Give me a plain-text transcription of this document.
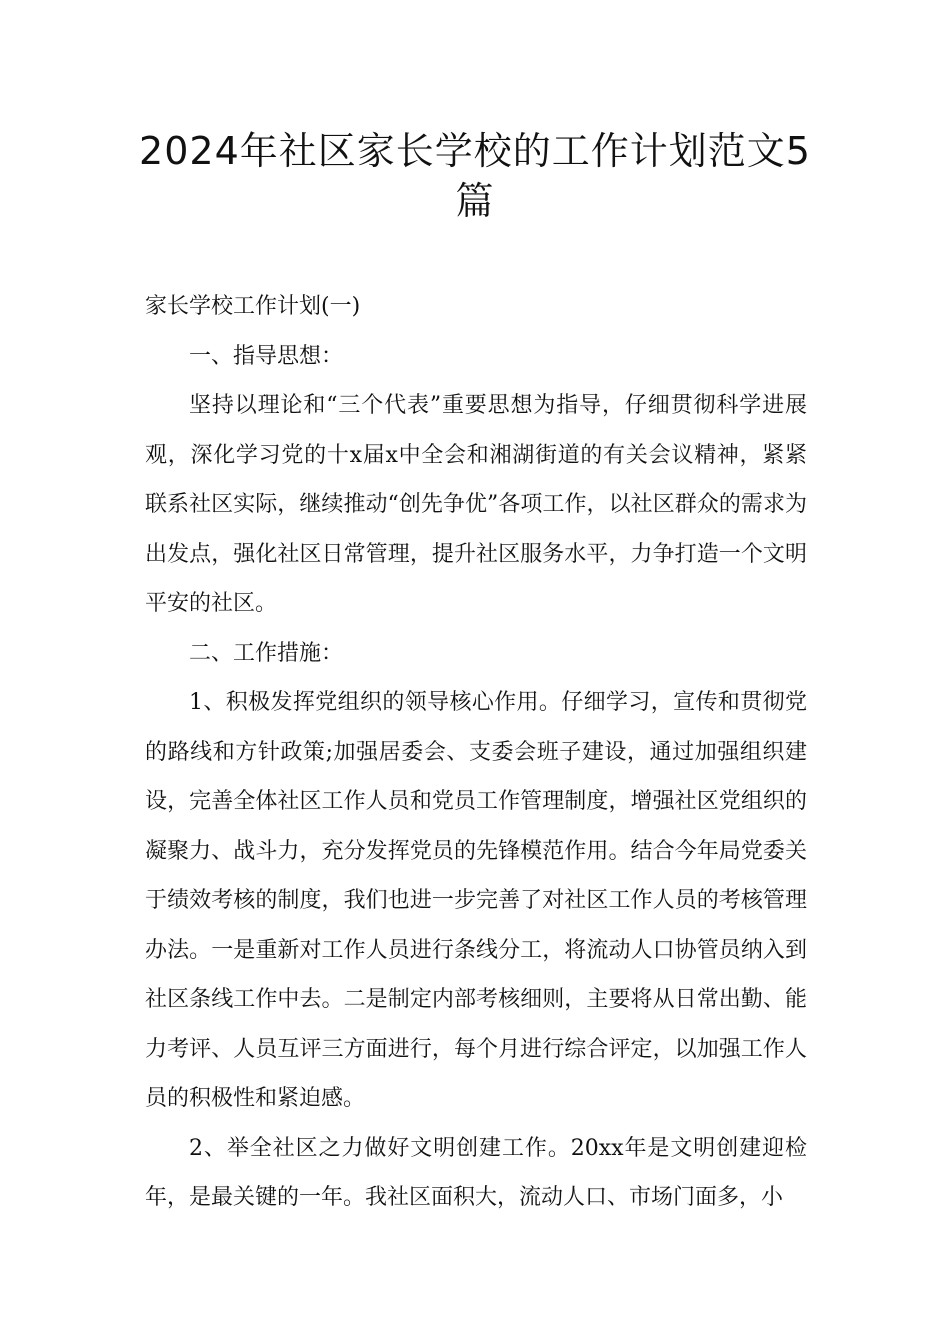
2024年社区家长学校的工作计划范文5篇

家长学校工作计划(一)

一、指导思想：

坚持以理论和“三个代表”重要思想为指导，仔细贯彻科学进展观，深化学习党的十x届x中全会和湘湖街道的有关会议精神，紧紧联系社区实际，继续推动“创先争优”各项工作，以社区群众的需求为出发点，强化社区日常管理，提升社区服务水平，力争打造一个文明平安的社区。

二、工作措施：

1、积极发挥党组织的领导核心作用。仔细学习，宣传和贯彻党的路线和方针政策;加强居委会、支委会班子建设，通过加强组织建设，完善全体社区工作人员和党员工作管理制度，增强社区党组织的凝聚力、战斗力，充分发挥党员的先锋模范作用。结合今年局党委关于绩效考核的制度，我们也进一步完善了对社区工作人员的考核管理办法。一是重新对工作人员进行条线分工，将流动人口协管员纳入到社区条线工作中去。二是制定内部考核细则，主要将从日常出勤、能力考评、人员互评三方面进行，每个月进行综合评定，以加强工作人员的积极性和紧迫感。

2、举全社区之力做好文明创建工作。20xx年是文明创建迎检年，是最关键的一年。我社区面积大，流动人口、市场门面多，小
